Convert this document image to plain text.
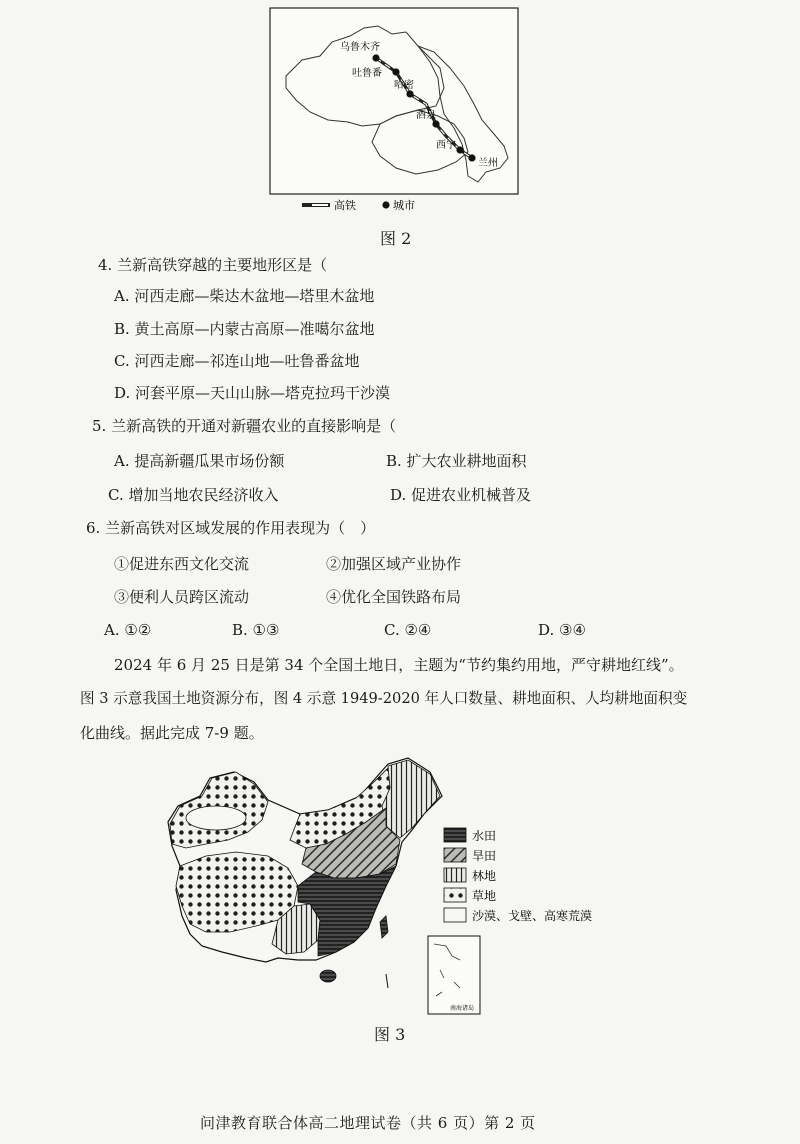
乌鲁木齐
吐鲁番
哈密
酒泉
西宁
兰州
高铁	城市
图 2
4. 兰新高铁穿越的主要地形区是（
A. 河西走廊—柴达木盆地—塔里木盆地
B. 黄土高原—内蒙古高原—准噶尔盆地
C. 河西走廊—祁连山地—吐鲁番盆地
D. 河套平原—天山山脉—塔克拉玛干沙漠
5. 兰新高铁的开通对新疆农业的直接影响是（
A. 提高新疆瓜果市场份额	B. 扩大农业耕地面积
C. 增加当地农民经济收入	D. 促进农业机械普及
6. 兰新高铁对区域发展的作用表现为（　）
①促进东西文化交流	②加强区域产业协作
③便利人员跨区流动	④优化全国铁路布局
A. ①②	B. ①③	C. ②④	D. ③④
2024 年 6 月 25 日是第 34 个全国土地日，主题为“节约集约用地，严守耕地红线”。
图 3 示意我国土地资源分布，图 4 示意 1949-2020 年人口数量、耕地面积、人均耕地面积变
化曲线。据此完成 7-9 题。
水田
旱田
林地
草地
沙漠、戈壁、高寒荒漠
南海诸岛
图 3
问津教育联合体高二地理试卷（共 6 页）第 2 页
